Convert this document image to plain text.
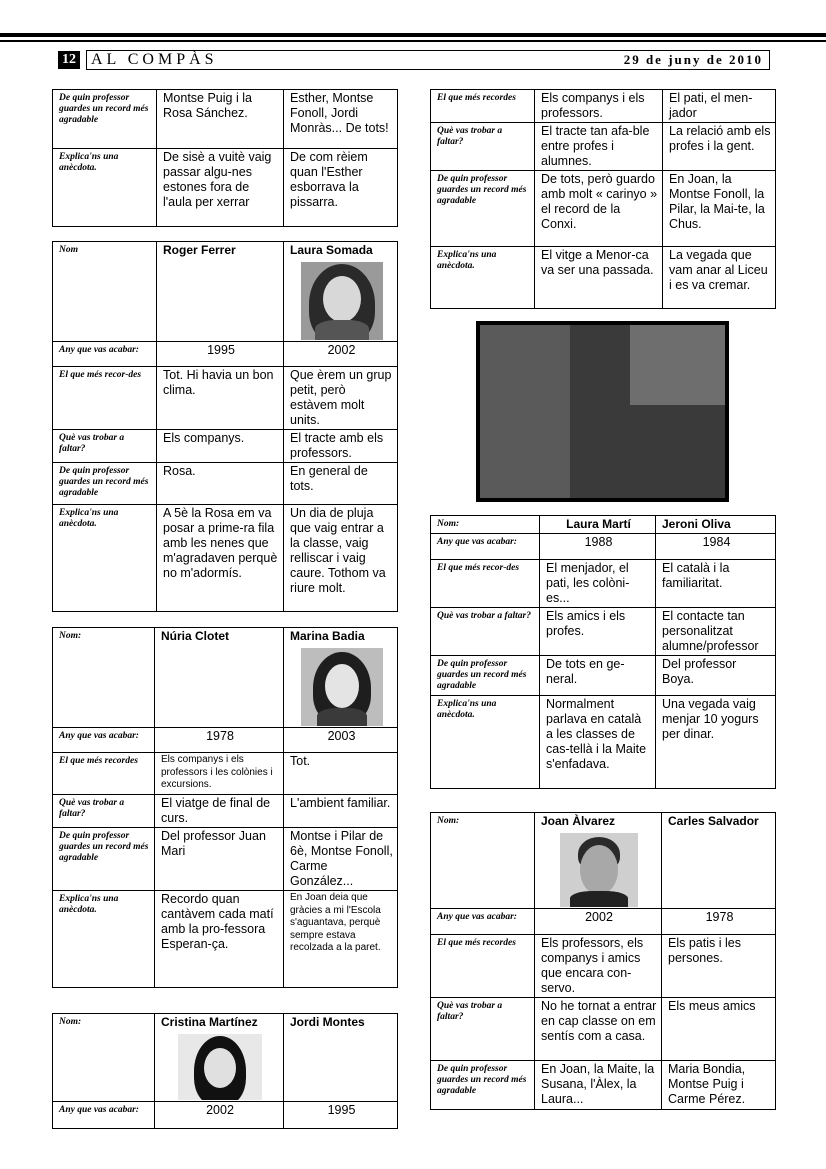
12 AL COMPÀS	29 de juny de 2010
De quin professor guardes un record més agradable	Montse Puig i la Rosa Sánchez.	Esther, Montse Fonoll, Jordi Monràs... De tots!
Explica'ns una anècdota.	De sisè a vuitè vaig passar algu-nes estones fora de l'aula per xerrar	De com rèiem quan l'Esther esborrava la pissarra.
Nom	Roger Ferrer	Laura Somada

Any que vas acabar:	1995	2002
El que més recor-des	Tot. Hi havia un bon clima.	Que èrem un grup petit, però estàvem molt units.
Què vas trobar a faltar?	Els companys.	El tracte amb els professors.
De quin professor guardes un record més agradable	Rosa.	En general de tots.
Explica'ns una anècdota.	A 5è la Rosa em va posar a prime-ra fila amb les nenes que m'agradaven perquè no m'adormís.	Un dia de pluja que vaig entrar a la classe, vaig relliscar i vaig caure. Tothom va riure molt.
Nom:	Núria Clotet	Marina Badia

Any que vas acabar:	1978	2003
El que més recordes	Els companys i els professors i les colònies i excursions.	Tot.
Què vas trobar a faltar?	El viatge de final de curs.	L'ambient familiar.
De quin professor guardes un record més agradable	Del professor Juan Mari	Montse i Pilar de 6è, Montse Fonoll, Carme González...
Explica'ns una anècdota.	Recordo quan cantàvem cada matí amb la pro-fessora Esperan-ça.	En Joan deia que gràcies a mi l'Escola s'aguantava, perquè sempre estava recolzada a la paret.
Nom:	Cristina Martínez	Jordi Montes
Any que vas acabar:	2002	1995
El que més recordes	Els companys i els professors.	El pati, el men-jador
Què vas trobar a faltar?	El tracte tan afa-ble entre profes i alumnes.	La relació amb els profes i la gent.
De quin professor guardes un record més agradable	De tots, però guardo amb molt « carinyo » el record de la Conxi.	En Joan, la Montse Fonoll, la Pilar, la Mai-te, la Chus.
Explica'ns una anècdota.	El vitge a Menor-ca va ser una passada.	La vegada que vam anar al Liceu i es va cremar.
Nom:	Laura Martí	Jeroni Oliva
Any que vas acabar:	1988	1984
El que més recor-des	El menjador, el pati, les colòni-es...	El català i la familiaritat.
Què vas trobar a faltar?	Els amics i els profes.	El contacte tan personalitzat alumne/professor
De quin professor guardes un record més agradable	De tots en ge-neral.	Del professor Boya.
Explica'ns una anècdota.	Normalment parlava en català a les classes de cas-tellà i la Maite s'enfadava.	Una vegada vaig menjar 10 yogurs per dinar.
Nom:	Joan Àlvarez	Carles Salvador
Any que vas acabar:	2002	1978
El que més recordes	Els professors, els companys i amics que encara con-servo.	Els patis i les persones.
Què vas trobar a faltar?	No he tornat a entrar en cap classe on em sentís com a casa.	Els meus amics
De quin professor guardes un record més agradable	En Joan, la Maite, la Susana, l'Àlex, la Laura...	Maria Bondia, Montse Puig i Carme Pérez.
